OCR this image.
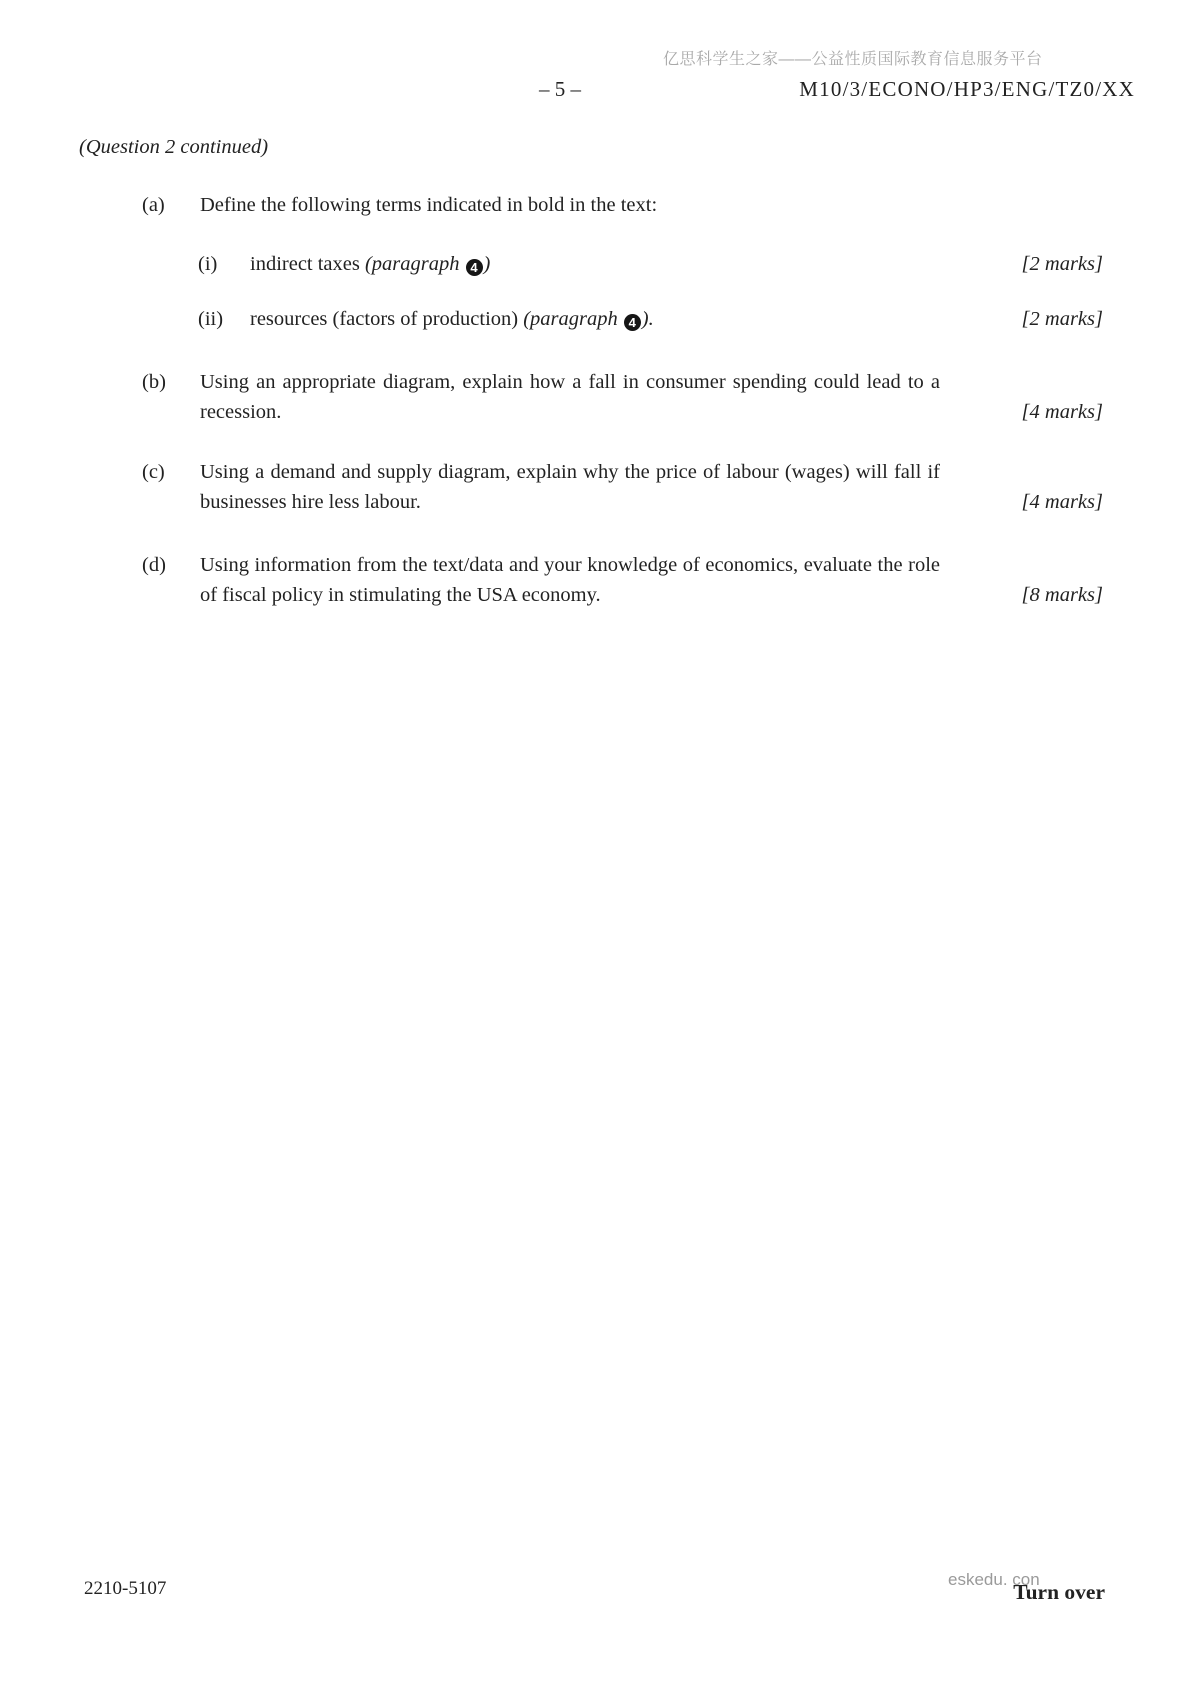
亿思科学生之家——公益性质国际教育信息服务平台
– 5 –	M10/3/ECONO/HP3/ENG/TZ0/XX
(Question 2 continued)
(a) Define the following terms indicated in bold in the text:
(i) indirect taxes (paragraph 4 )	[2 marks]
(ii) resources (factors of production) (paragraph 4 ).	[2 marks]
(b) Using an appropriate diagram, explain how a fall in consumer spending could lead to a recession.	[4 marks]
(c) Using a demand and supply diagram, explain why the price of labour (wages) will fall if businesses hire less labour.	[4 marks]
(d) Using information from the text/data and your knowledge of economics, evaluate the role of fiscal policy in stimulating the USA economy.	[8 marks]
2210-5107	eskedu. con
Turn over
